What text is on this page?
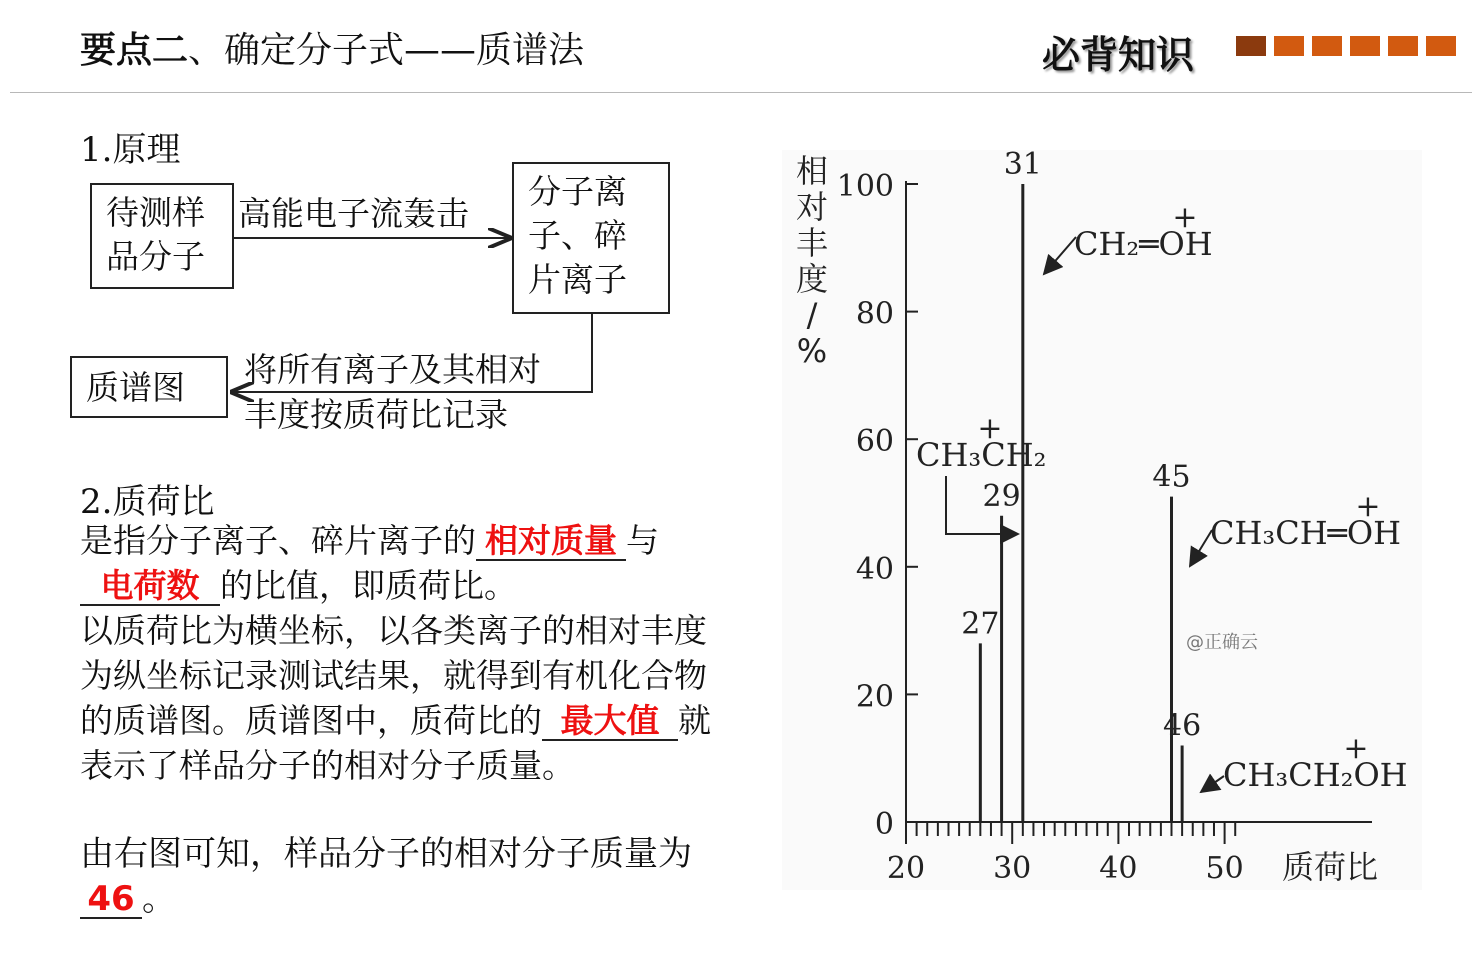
要点二、确定分子式——质谱法	必背知识
1.原理
待测样
品分子
高能电子流轰击
分子离
子、碎
片离子
将所有离子及其相对
丰度按质荷比记录
质谱图
2.质荷比
是指分子离子、碎片离子的 相对质量 与
电荷数 的比值，即质荷比。
以质荷比为横坐标，以各类离子的相对丰度为纵坐标记录测试结果，就得到有机化合物的质谱图。质谱图中，质荷比的 最大值 就表示了样品分子的相对分子质量。
由右图可知，样品分子的相对分子质量为46 。
0
20
40
60
80
100
20 30 40 50 质荷比
相
对
丰
度
/
%
27
29
31
45
46
CH₂═OH
+
CH₃CH₂
+
CH₃CH═OH
+
CH₃CH₂OH
+
@正确云
